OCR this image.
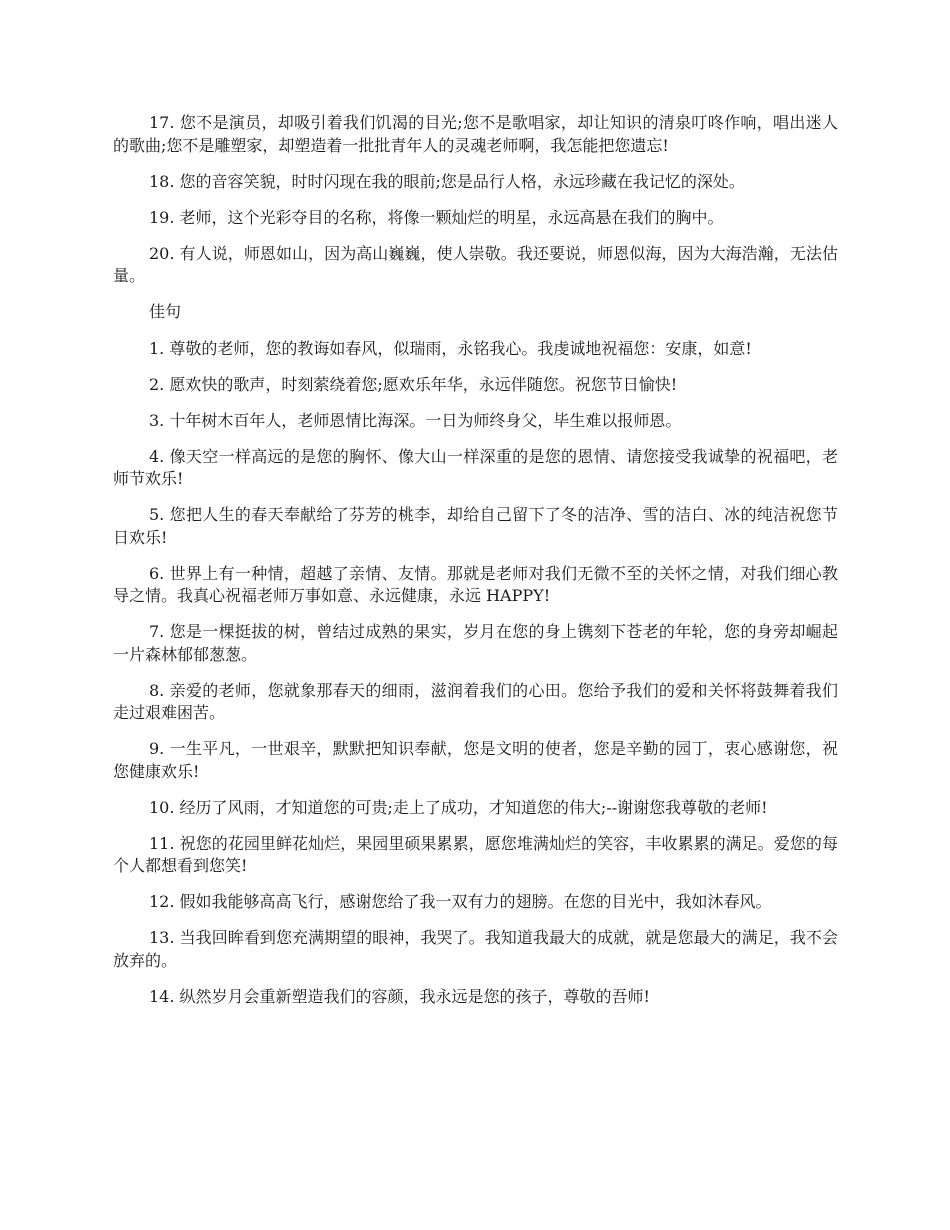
17. 您不是演员，却吸引着我们饥渴的目光;您不是歌唱家，却让知识的清泉叮咚作响，唱出迷人的歌曲;您不是雕塑家，却塑造着一批批青年人的灵魂老师啊，我怎能把您遗忘!

18. 您的音容笑貌，时时闪现在我的眼前;您是品行人格，永远珍藏在我记忆的深处。

19. 老师，这个光彩夺目的名称，将像一颗灿烂的明星，永远高悬在我们的胸中。

20. 有人说，师恩如山，因为高山巍巍，使人崇敬。我还要说，师恩似海，因为大海浩瀚，无法估量。

佳句

1. 尊敬的老师，您的教诲如春风，似瑞雨，永铭我心。我虔诚地祝福您：安康，如意!

2. 愿欢快的歌声，时刻萦绕着您;愿欢乐年华，永远伴随您。祝您节日愉快!

3. 十年树木百年人，老师恩情比海深。一日为师终身父，毕生难以报师恩。

4. 像天空一样高远的是您的胸怀、像大山一样深重的是您的恩情、请您接受我诚挚的祝福吧，老师节欢乐!

5. 您把人生的春天奉献给了芬芳的桃李，却给自己留下了冬的洁净、雪的洁白、冰的纯洁祝您节日欢乐!

6. 世界上有一种情，超越了亲情、友情。那就是老师对我们无微不至的关怀之情，对我们细心教导之情。我真心祝福老师万事如意、永远健康，永远 HAPPY!

7. 您是一棵挺拔的树，曾结过成熟的果实，岁月在您的身上镌刻下苍老的年轮，您的身旁却崛起一片森林郁郁葱葱。

8. 亲爱的老师，您就象那春天的细雨，滋润着我们的心田。您给予我们的爱和关怀将鼓舞着我们走过艰难困苦。

9. 一生平凡，一世艰辛，默默把知识奉献，您是文明的使者，您是辛勤的园丁，衷心感谢您，祝您健康欢乐!

10. 经历了风雨，才知道您的可贵;走上了成功，才知道您的伟大;--谢谢您我尊敬的老师!

11. 祝您的花园里鲜花灿烂，果园里硕果累累，愿您堆满灿烂的笑容，丰收累累的满足。爱您的每个人都想看到您笑!

12. 假如我能够高高飞行，感谢您给了我一双有力的翅膀。在您的目光中，我如沐春风。

13. 当我回眸看到您充满期望的眼神，我哭了。我知道我最大的成就，就是您最大的满足，我不会放弃的。

14. 纵然岁月会重新塑造我们的容颜，我永远是您的孩子，尊敬的吾师!
